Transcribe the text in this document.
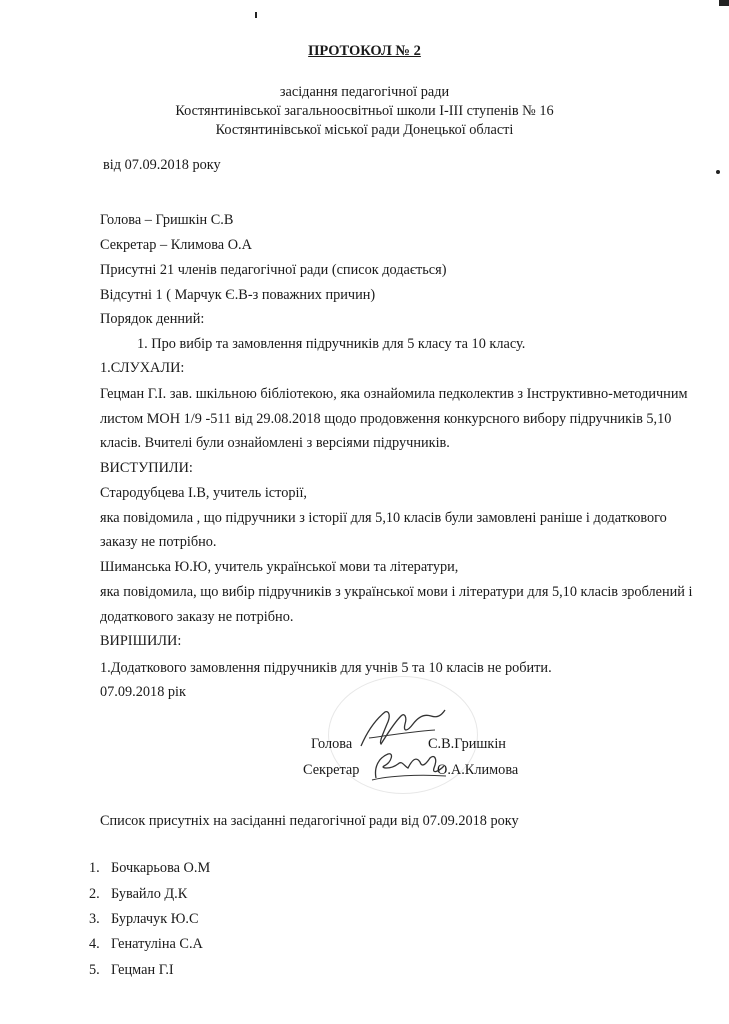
ПРОТОКОЛ № 2
засідання педагогічної ради
Костянтинівської загальноосвітньої школи І-ІІІ ступенів № 16
Костянтинівської міської ради Донецької області
від 07.09.2018 року
Голова – Гришкін С.В
Секретар – Климова О.А
Присутні 21 членів педагогічної ради (список додається)
Відсутні 1 ( Марчук Є.В-з поважних причин)
Порядок денний:
1. Про вибір та замовлення підручників для 5 класу та 10 класу.
1.СЛУХАЛИ:
Гецман Г.І. зав. шкільною бібліотекою, яка ознайомила педколектив з Інструктивно-методичним
листом МОН 1/9 -511 від 29.08.2018 щодо продовження конкурсного вибору підручників 5,10
класів. Вчителі були ознайомлені з версіями підручників.
ВИСТУПИЛИ:
Стародубцева І.В, учитель історії,
яка повідомила , що підручники з історії для 5,10 класів були замовлені раніше і додаткового
заказу не потрібно.
Шиманська Ю.Ю, учитель української мови та літератури,
яка повідомила, що вибір підручників з української мови і літератури для 5,10 класів зроблений і
додаткового заказу не потрібно.
ВИРІШИЛИ:
1.Додаткового замовлення підручників для учнів 5 та 10 класів не робити.
07.09.2018 рік
Голова	С.В.Гришкін
Секретар	О.А.Климова
Список присутніх на засіданні педагогічної ради від 07.09.2018 року
1. Бочкарьова О.М
2. Бувайло Д.К
3. Бурлачук Ю.С
4. Генатуліна С.А
5. Гецман Г.І
